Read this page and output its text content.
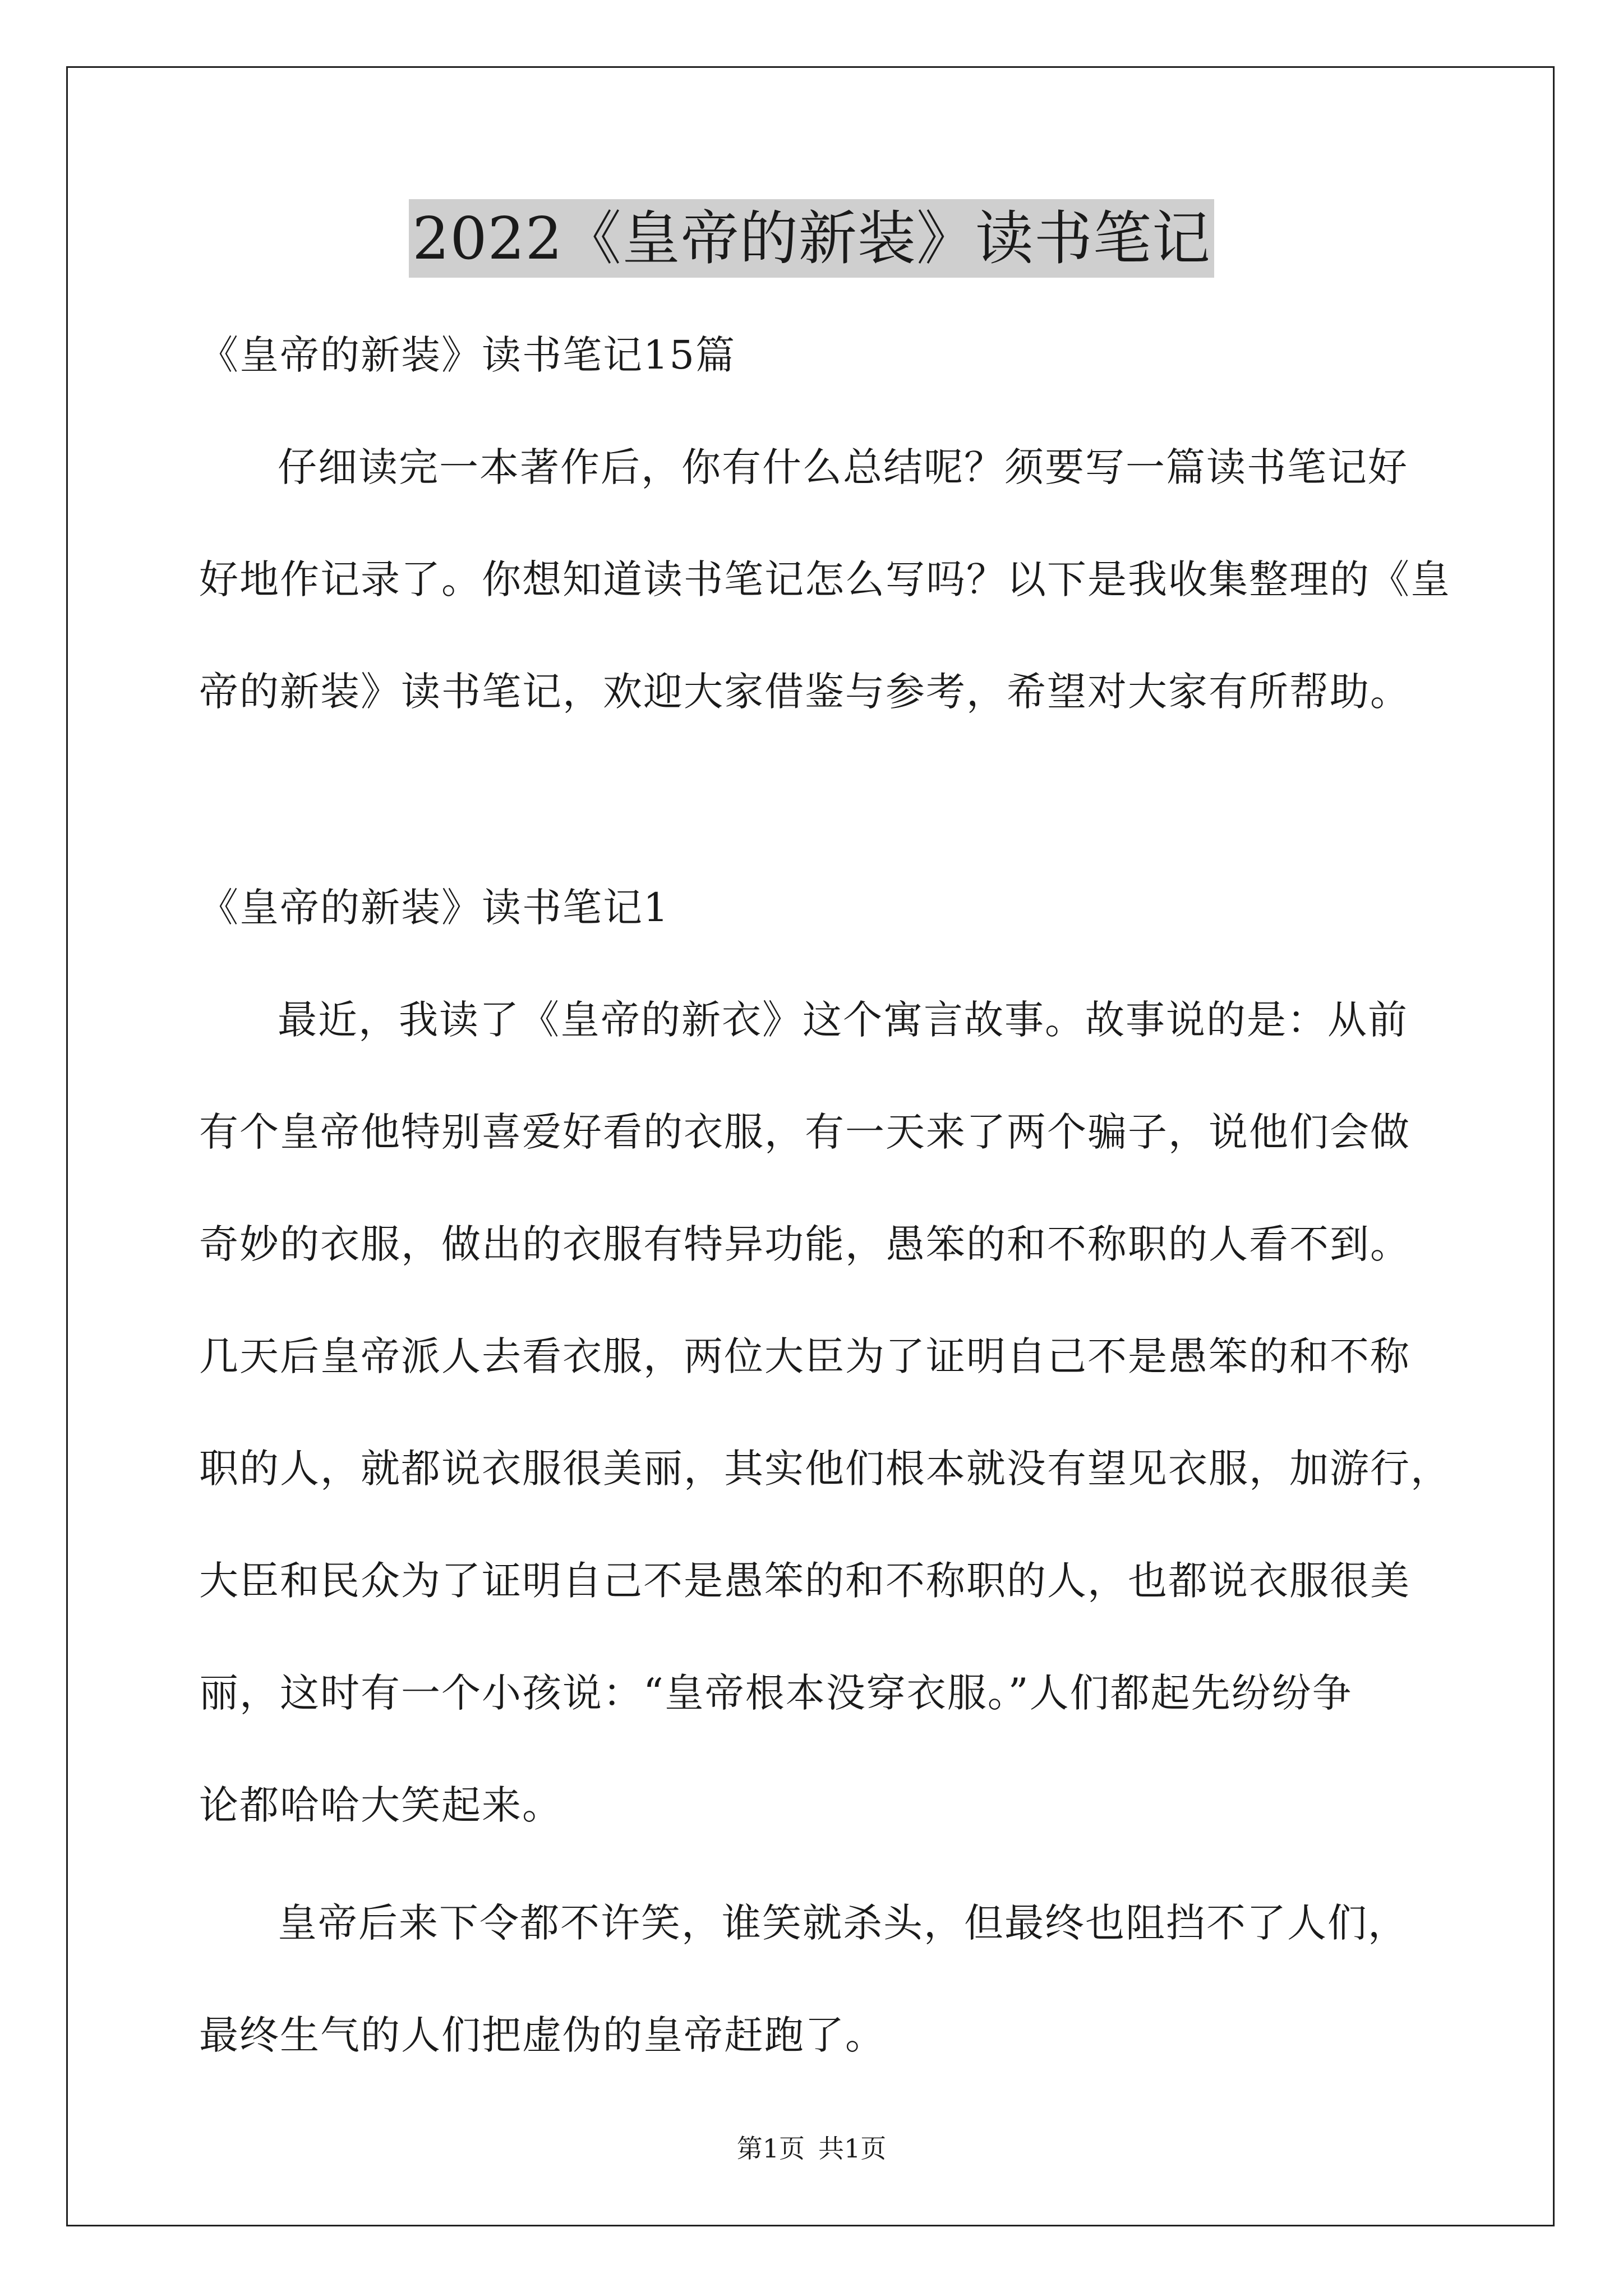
2022《皇帝的新装》读书笔记
《皇帝的新装》读书笔记15篇
仔细读完一本著作后，你有什么总结呢？须要写一篇读书笔记好
好地作记录了。你想知道读书笔记怎么写吗？以下是我收集整理的《皇
帝的新装》读书笔记，欢迎大家借鉴与参考，希望对大家有所帮助。
《皇帝的新装》读书笔记1
最近，我读了《皇帝的新衣》这个寓言故事。故事说的是：从前
有个皇帝他特别喜爱好看的衣服，有一天来了两个骗子，说他们会做
奇妙的衣服，做出的衣服有特异功能，愚笨的和不称职的人看不到。
几天后皇帝派人去看衣服，两位大臣为了证明自己不是愚笨的和不称
职的人，就都说衣服很美丽，其实他们根本就没有望见衣服，加游行，
大臣和民众为了证明自己不是愚笨的和不称职的人，也都说衣服很美
丽，这时有一个小孩说：“皇帝根本没穿衣服。”人们都起先纷纷争
论都哈哈大笑起来。
皇帝后来下令都不许笑，谁笑就杀头，但最终也阻挡不了人们，
最终生气的人们把虚伪的皇帝赶跑了。
第1页 共1页
